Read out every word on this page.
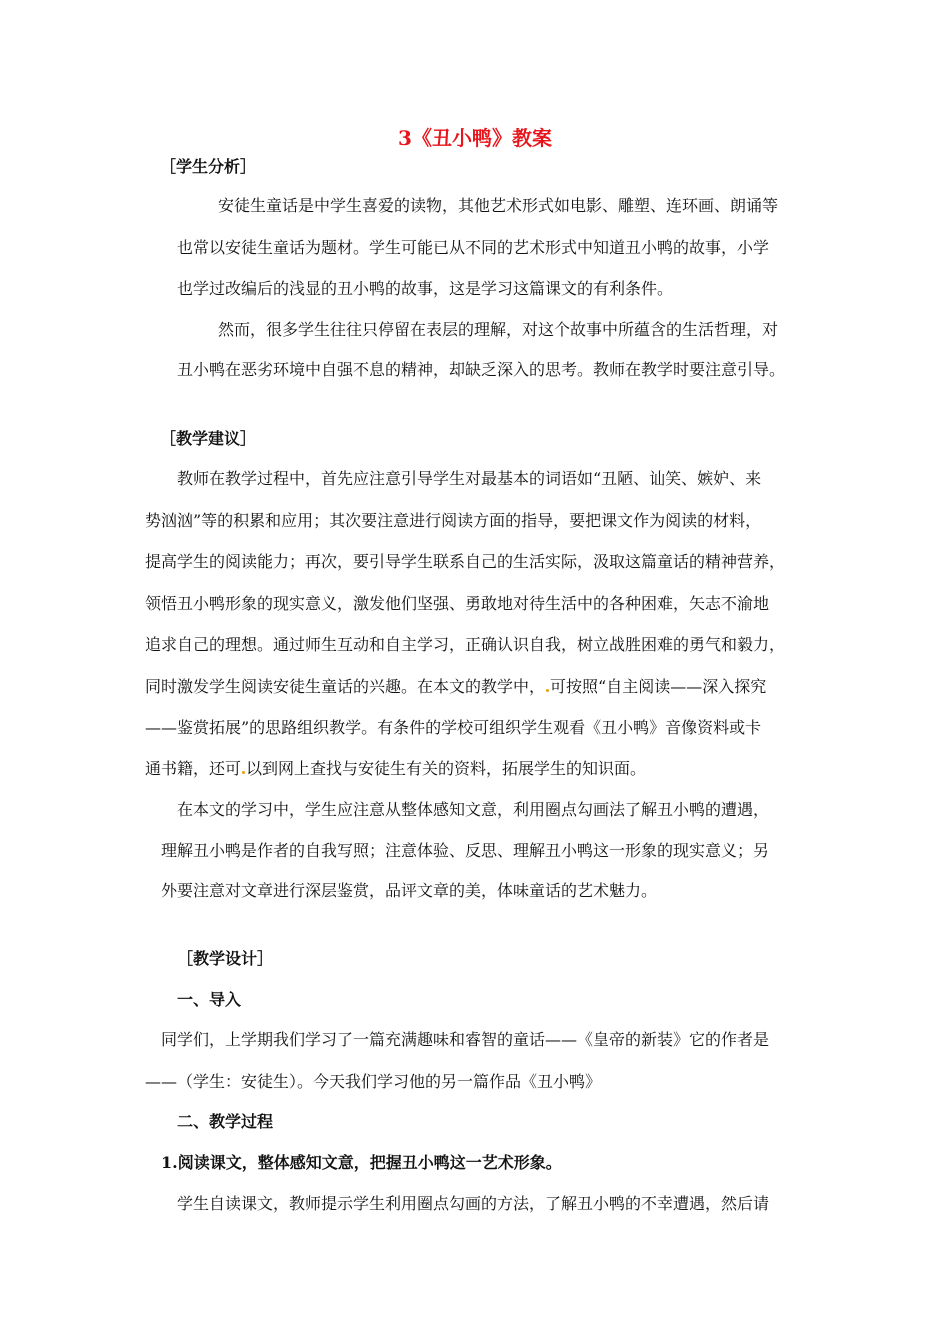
3《丑小鸭》教案
［学生分析］
安徒生童话是中学生喜爱的读物，其他艺术形式如电影、雕塑、连环画、朗诵等
也常以安徒生童话为题材。学生可能已从不同的艺术形式中知道丑小鸭的故事，小学
也学过改编后的浅显的丑小鸭的故事，这是学习这篇课文的有利条件。
然而，很多学生往往只停留在表层的理解，对这个故事中所蕴含的生活哲理，对
丑小鸭在恶劣环境中自强不息的精神，却缺乏深入的思考。教师在教学时要注意引导。
［教学建议］
教师在教学过程中，首先应注意引导学生对最基本的词语如“丑陋、讪笑、嫉妒、来
势汹汹”等的积累和应用；其次要注意进行阅读方面的指导，要把课文作为阅读的材料，
提高学生的阅读能力；再次，要引导学生联系自己的生活实际，汲取这篇童话的精神营养，
领悟丑小鸭形象的现实意义，激发他们坚强、勇敢地对待生活中的各种困难，矢志不渝地
追求自己的理想。通过师生互动和自主学习，正确认识自我，树立战胜困难的勇气和毅力，
同时激发学生阅读安徒生童话的兴趣。在本文的教学中， 可按照“自主阅读——深入探究
——鉴赏拓展”的思路组织教学。有条件的学校可组织学生观看《丑小鸭》音像资料或卡
通书籍，还可 以到网上查找与安徒生有关的资料，拓展学生的知识面。
在本文的学习中，学生应注意从整体感知文意，利用圈点勾画法了解丑小鸭的遭遇，
理解丑小鸭是作者的自我写照；注意体验、反思、理解丑小鸭这一形象的现实意义；另
外要注意对文章进行深层鉴赏，品评文章的美，体味童话的艺术魅力。
［教学设计］
一、导入
同学们，上学期我们学习了一篇充满趣味和睿智的童话——《皇帝的新装》它的作者是
——（学生：安徒生）。今天我们学习他的另一篇作品《丑小鸭》
二、教学过程
1.阅读课文，整体感知文意，把握丑小鸭这一艺术形象。
学生自读课文，教师提示学生利用圈点勾画的方法，了解丑小鸭的不幸遭遇，然后请
